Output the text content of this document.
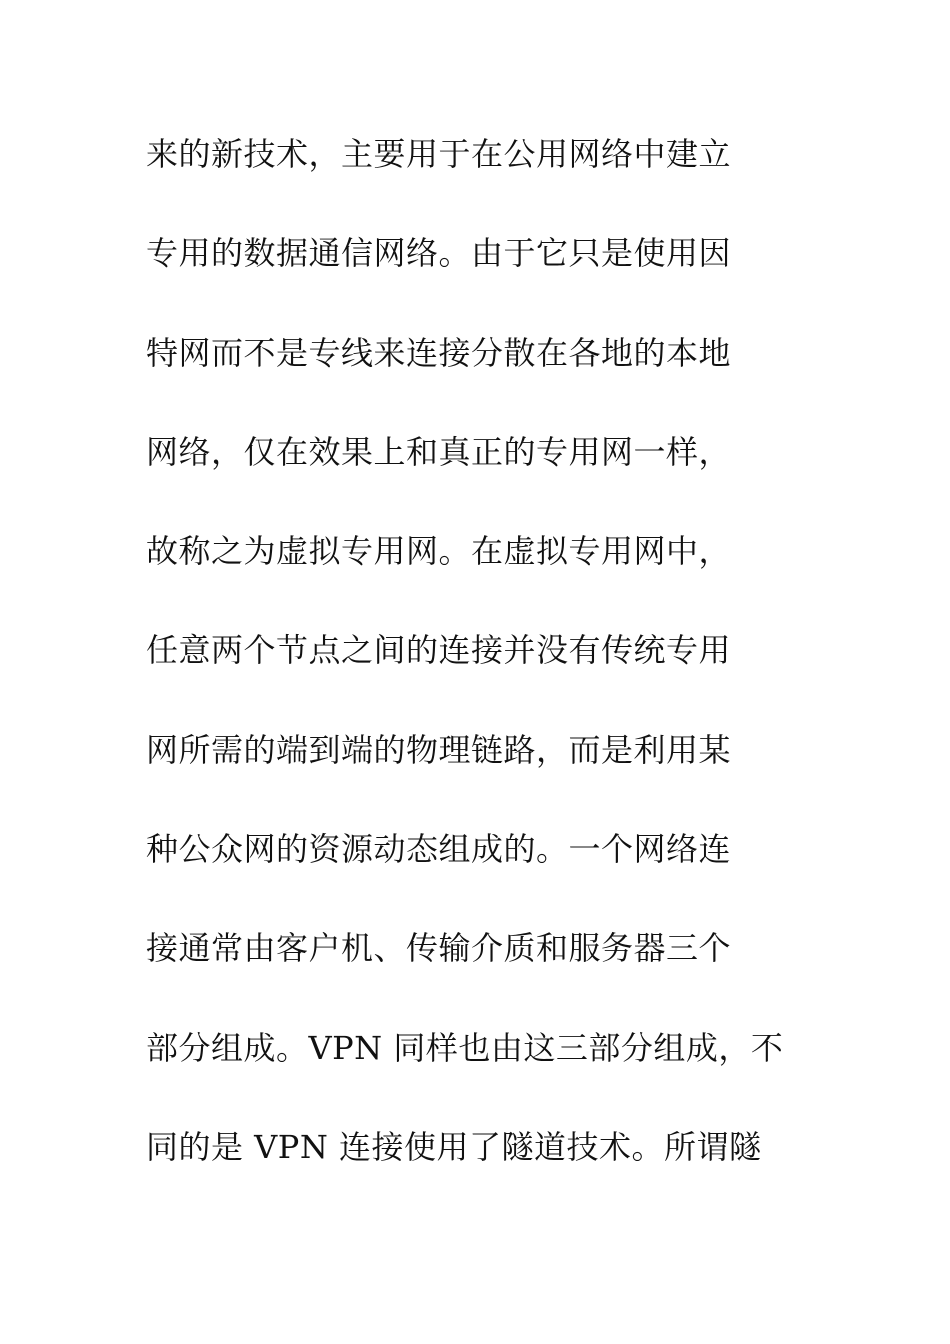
来的新技术，主要用于在公用网络中建立
专用的数据通信网络。由于它只是使用因
特网而不是专线来连接分散在各地的本地
网络，仅在效果上和真正的专用网一样，
故称之为虚拟专用网。在虚拟专用网中，
任意两个节点之间的连接并没有传统专用
网所需的端到端的物理链路，而是利用某
种公众网的资源动态组成的。一个网络连
接通常由客户机、传输介质和服务器三个
部分组成。VPN 同样也由这三部分组成，不
同的是 VPN 连接使用了隧道技术。所谓隧
